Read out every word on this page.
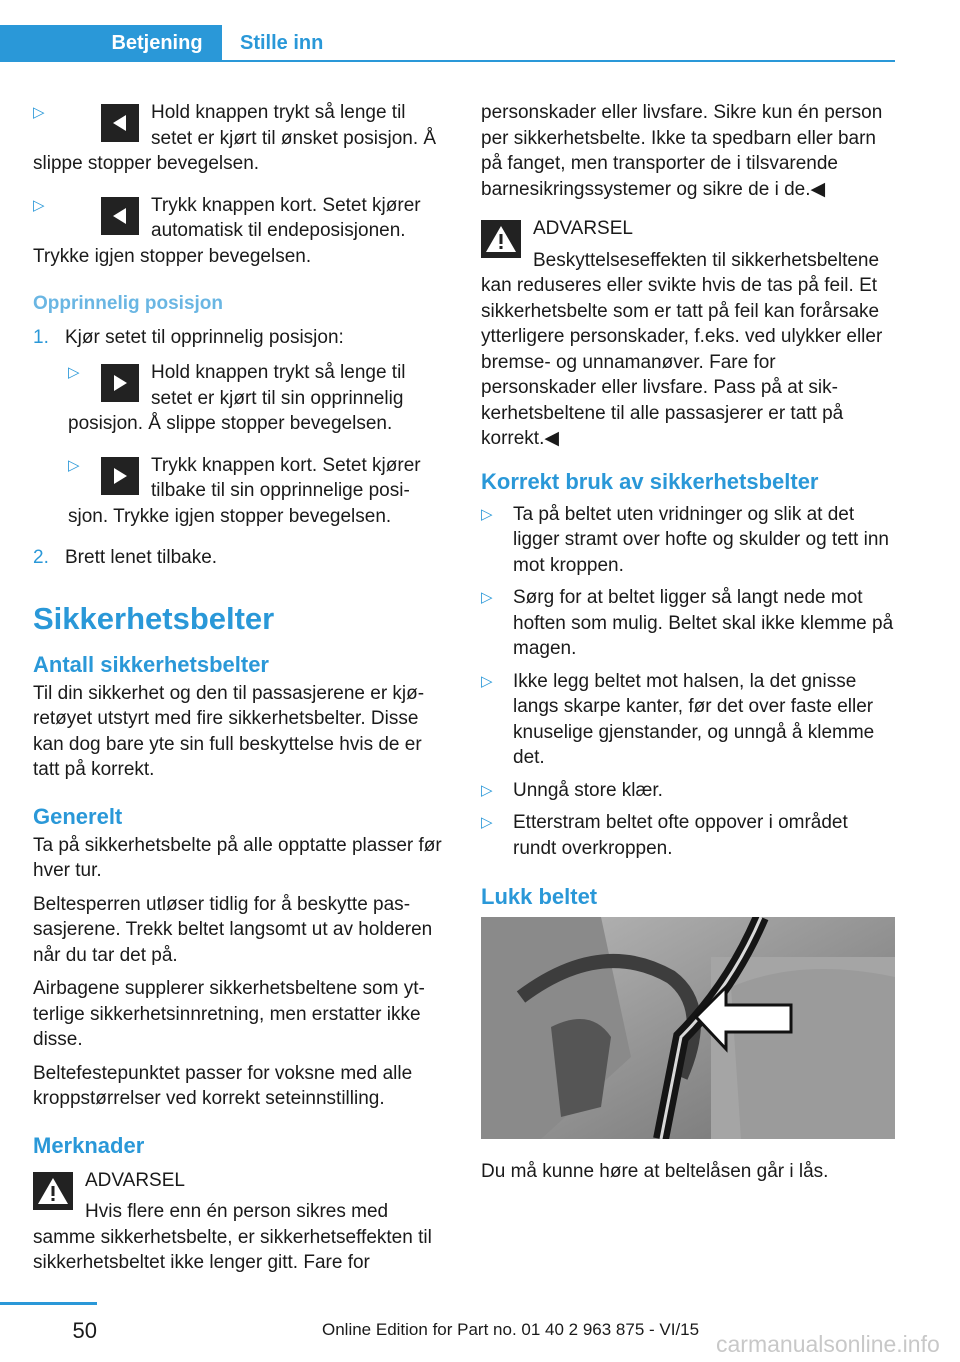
Betjening	Stille inn
▷	Hold knappen trykt så lenge til setet er kjørt til ønsket posisjon. Å slippe stopper bevegelsen.
▷	Trykk knappen kort. Setet kjører automatisk til endeposisjonen. Trykke igjen stopper bevegelsen.

Opprinnelig posisjon

1. Kjør setet til opprinnelig posisjon:
▷	Hold knappen trykt så lenge til setet er kjørt til sin opprinnelig posisjon. Å slippe stopper bevegelsen.
▷	Trykk knappen kort. Setet kjører tilbake til sin opprinnelige posisjon. Trykke igjen stopper bevegelsen.
2. Brett lenet tilbake.

Sikkerhetsbelter

Antall sikkerhetsbelter

Til din sikkerhet og den til passasjerene er kjøretøyet utstyrt med fire sikkerhetsbelter. Disse kan dog bare yte sin full beskyttelse hvis de er tatt på korrekt.

Generelt

Ta på sikkerhetsbelte på alle opptatte plasser før hver tur.

Beltesperren utløser tidlig for å beskytte passasjerene. Trekk beltet langsomt ut av holderen når du tar det på.

Airbagene supplerer sikkerhetsbeltene som ytterlige sikkerhetsinnretning, men erstatter ikke disse.

Beltefestepunktet passer for voksne med alle kroppstørrelser ved korrekt seteinnstilling.

Merknader

ADVARSEL
Hvis flere enn én person sikres med samme sikkerhetsbelte, er sikkerhetseffekten til sikkerhetsbeltet ikke lenger gitt. Fare for

personskader eller livsfare. Sikre kun én person per sikkerhetsbelte. Ikke ta spedbarn eller barn på fanget, men transporter de i tilsvarende barnesikringssystemer og sikre de i de.◀

ADVARSEL
Beskyttelseseffekten til sikkerhetsbeltene kan reduseres eller svikte hvis de tas på feil. Et sikkerhetsbelte som er tatt på feil kan forårsake ytterligere personskader, f.eks. ved ulykker eller bremse- og unnamanøver. Fare for personskader eller livsfare. Pass på at sikkerhetsbeltene til alle passasjerer er tatt på korrekt.◀

Korrekt bruk av sikkerhetsbelter

▷ Ta på beltet uten vridninger og slik at det ligger stramt over hofte og skulder og tett inn mot kroppen.
▷ Sørg for at beltet ligger så langt nede mot hoften som mulig. Beltet skal ikke klemme på magen.
▷ Ikke legg beltet mot halsen, la det gnisse langs skarpe kanter, før det over faste eller knuselige gjenstander, og unngå å klemme det.
▷ Unngå store klær.
▷ Etterstram beltet ofte oppover i området rundt overkroppen.

Lukk beltet

Du må kunne høre at beltelåsen går i lås.

50	Online Edition for Part no. 01 40 2 963 875 - VI/15
carmanualsonline.info
